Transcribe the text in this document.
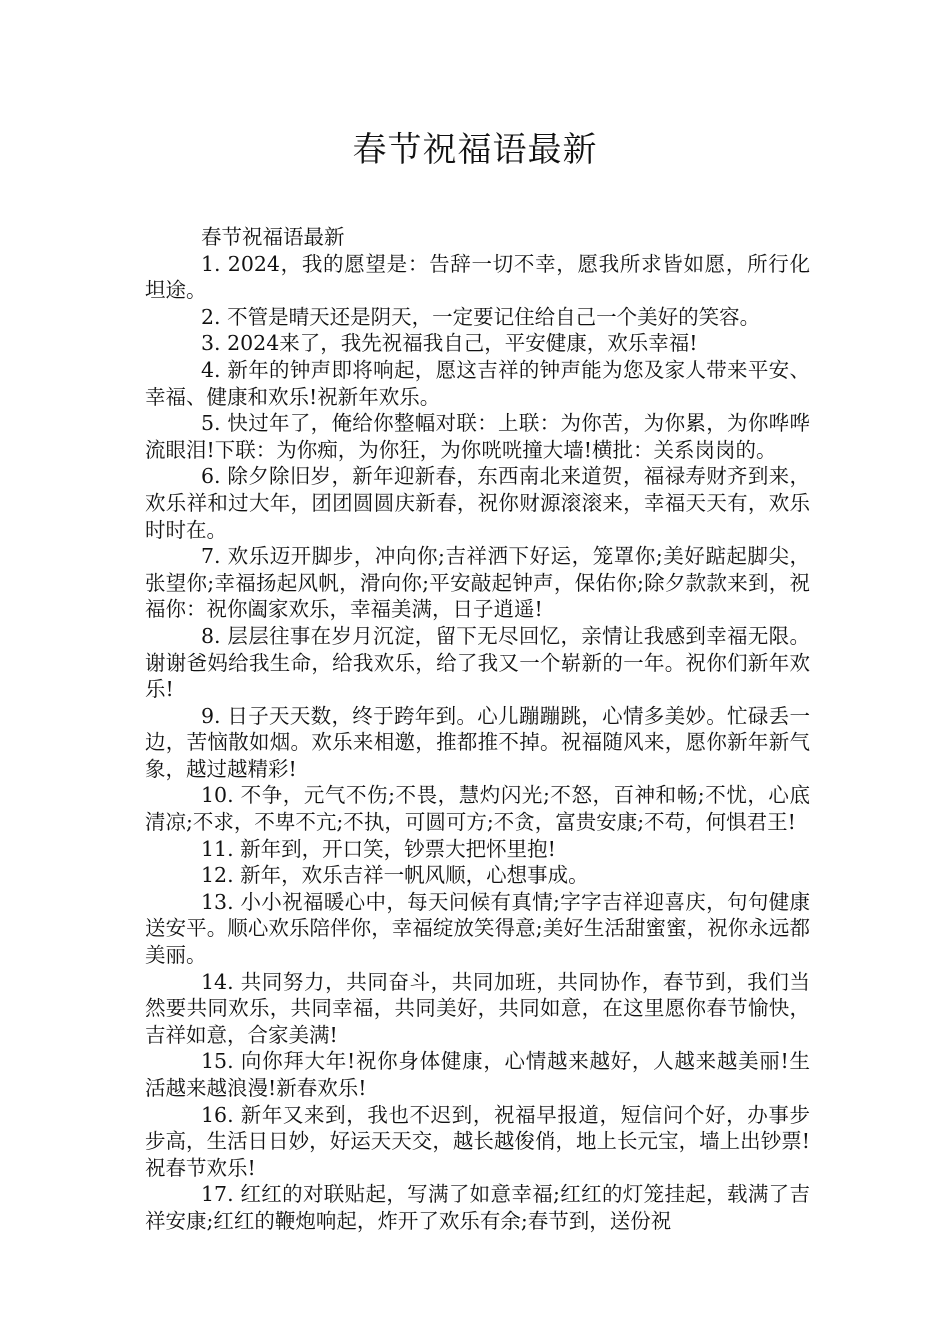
春节祝福语最新

春节祝福语最新

1. 2024，我的愿望是：告辞一切不幸，愿我所求皆如愿，所行化坦途。

2. 不管是晴天还是阴天，一定要记住给自己一个美好的笑容。

3. 2024来了，我先祝福我自己，平安健康，欢乐幸福!

4. 新年的钟声即将响起，愿这吉祥的钟声能为您及家人带来平安、幸福、健康和欢乐!祝新年欢乐。

5. 快过年了，俺给你整幅对联：上联：为你苦，为你累，为你哗哗流眼泪!下联：为你痴，为你狂，为你咣咣撞大墙!横批：关系岗岗的。

6. 除夕除旧岁，新年迎新春，东西南北来道贺，福禄寿财齐到来，欢乐祥和过大年，团团圆圆庆新春，祝你财源滚滚来，幸福天天有，欢乐时时在。

7. 欢乐迈开脚步，冲向你;吉祥洒下好运，笼罩你;美好踮起脚尖，张望你;幸福扬起风帆，滑向你;平安敲起钟声，保佑你;除夕款款来到，祝福你：祝你阖家欢乐，幸福美满，日子逍遥!

8. 层层往事在岁月沉淀，留下无尽回忆，亲情让我感到幸福无限。谢谢爸妈给我生命，给我欢乐，给了我又一个崭新的一年。祝你们新年欢乐!

9. 日子天天数，终于跨年到。心儿蹦蹦跳，心情多美妙。忙碌丢一边，苦恼散如烟。欢乐来相邀，推都推不掉。祝福随风来，愿你新年新气象，越过越精彩!

10. 不争，元气不伤;不畏，慧灼闪光;不怒，百神和畅;不忧，心底清凉;不求，不卑不亢;不执，可圆可方;不贪，富贵安康;不苟，何惧君王!

11. 新年到，开口笑，钞票大把怀里抱!

12. 新年，欢乐吉祥一帆风顺，心想事成。

13. 小小祝福暖心中，每天问候有真情;字字吉祥迎喜庆，句句健康送安平。顺心欢乐陪伴你，幸福绽放笑得意;美好生活甜蜜蜜，祝你永远都美丽。

14. 共同努力，共同奋斗，共同加班，共同协作，春节到，我们当然要共同欢乐，共同幸福，共同美好，共同如意，在这里愿你春节愉快，吉祥如意，合家美满!

15. 向你拜大年!祝你身体健康，心情越来越好，人越来越美丽!生活越来越浪漫!新春欢乐!

16. 新年又来到，我也不迟到，祝福早报道，短信问个好，办事步步高，生活日日妙，好运天天交，越长越俊俏，地上长元宝，墙上出钞票!祝春节欢乐!

17. 红红的对联贴起，写满了如意幸福;红红的灯笼挂起，载满了吉祥安康;红红的鞭炮响起，炸开了欢乐有余;春节到，送份祝
